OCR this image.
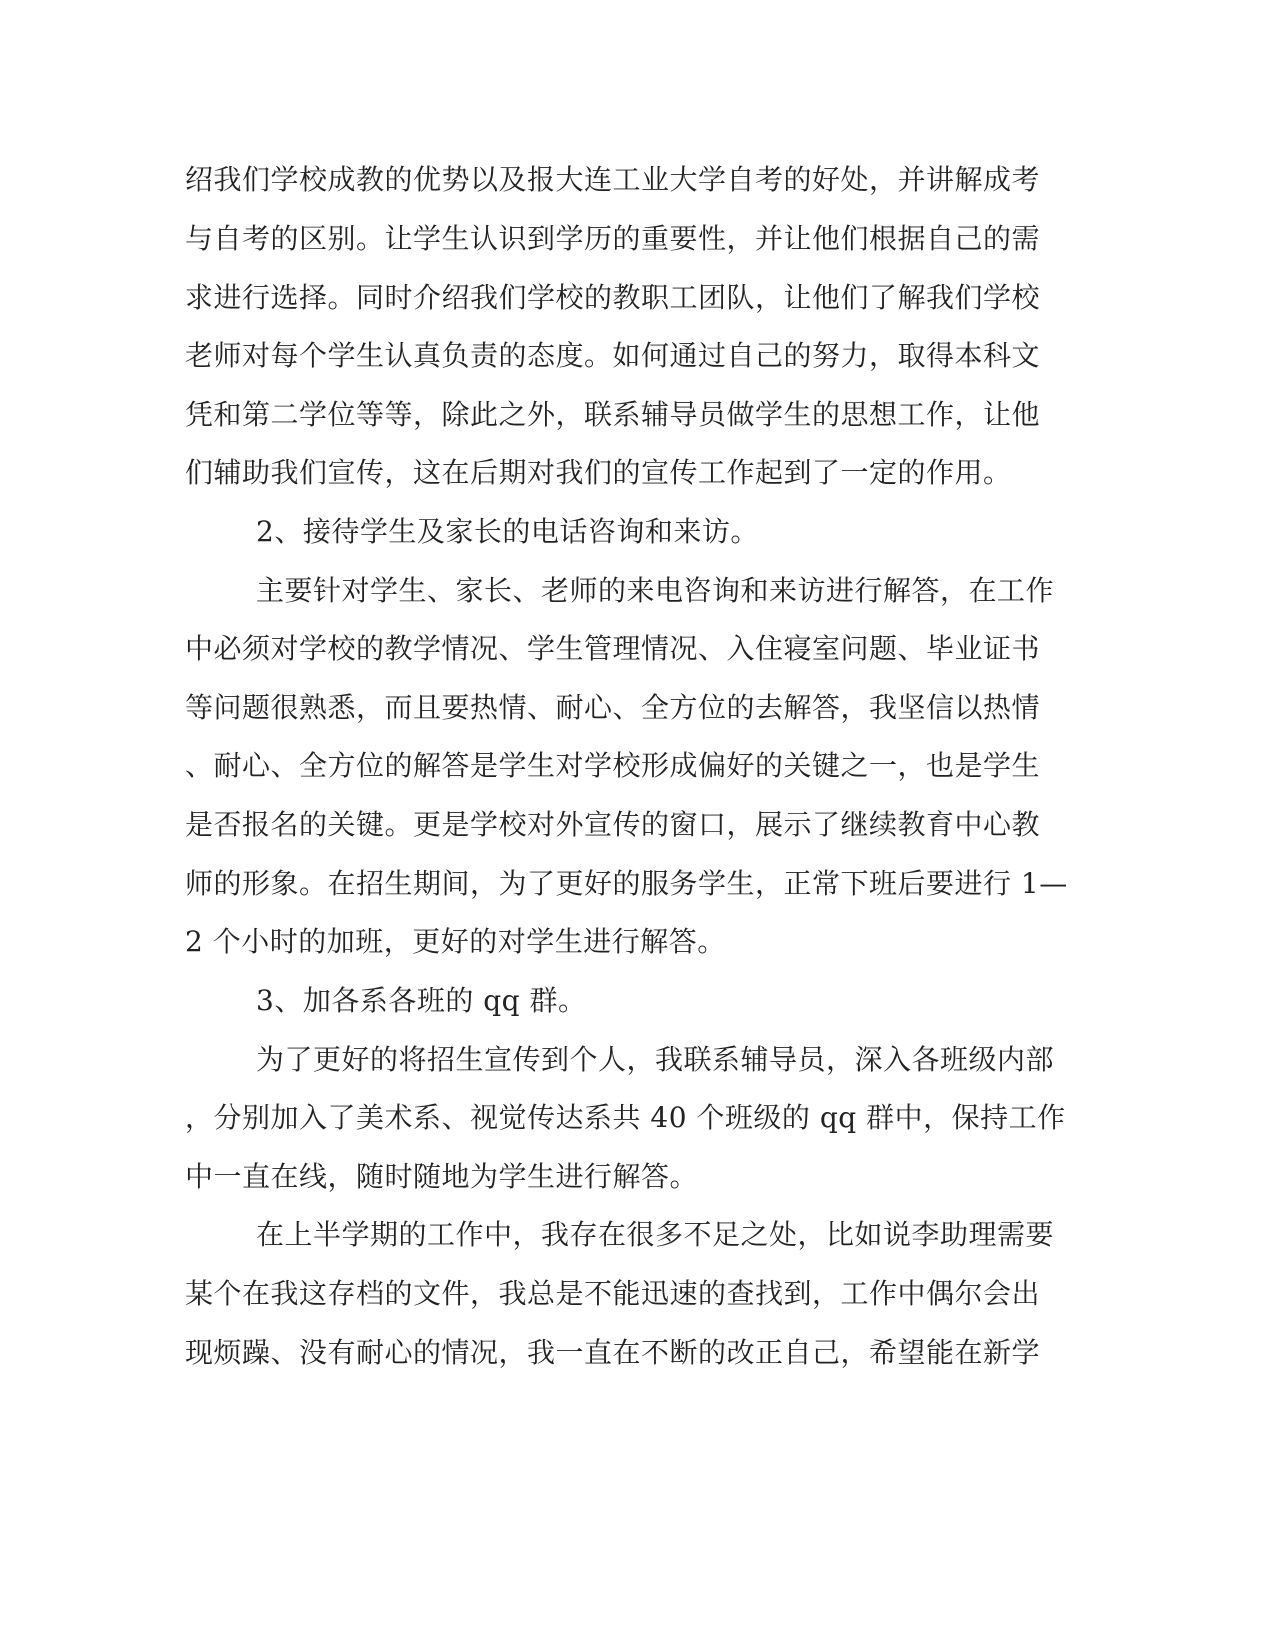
绍我们学校成教的优势以及报大连工业大学自考的好处，并讲解成考
与自考的区别。让学生认识到学历的重要性，并让他们根据自己的需
求进行选择。同时介绍我们学校的教职工团队，让他们了解我们学校
老师对每个学生认真负责的态度。如何通过自己的努力，取得本科文
凭和第二学位等等，除此之外，联系辅导员做学生的思想工作，让他
们辅助我们宣传，这在后期对我们的宣传工作起到了一定的作用。
2、接待学生及家长的电话咨询和来访。
主要针对学生、家长、老师的来电咨询和来访进行解答，在工作
中必须对学校的教学情况、学生管理情况、入住寝室问题、毕业证书
等问题很熟悉，而且要热情、耐心、全方位的去解答，我坚信以热情
、耐心、全方位的解答是学生对学校形成偏好的关键之一，也是学生
是否报名的关键。更是学校对外宣传的窗口，展示了继续教育中心教
师的形象。在招生期间，为了更好的服务学生，正常下班后要进行 1—
2 个小时的加班，更好的对学生进行解答。
3、加各系各班的 qq 群。
为了更好的将招生宣传到个人，我联系辅导员，深入各班级内部
，分别加入了美术系、视觉传达系共 40 个班级的 qq 群中，保持工作
中一直在线，随时随地为学生进行解答。
在上半学期的工作中，我存在很多不足之处，比如说李助理需要
某个在我这存档的文件，我总是不能迅速的查找到，工作中偶尔会出
现烦躁、没有耐心的情况，我一直在不断的改正自己，希望能在新学
